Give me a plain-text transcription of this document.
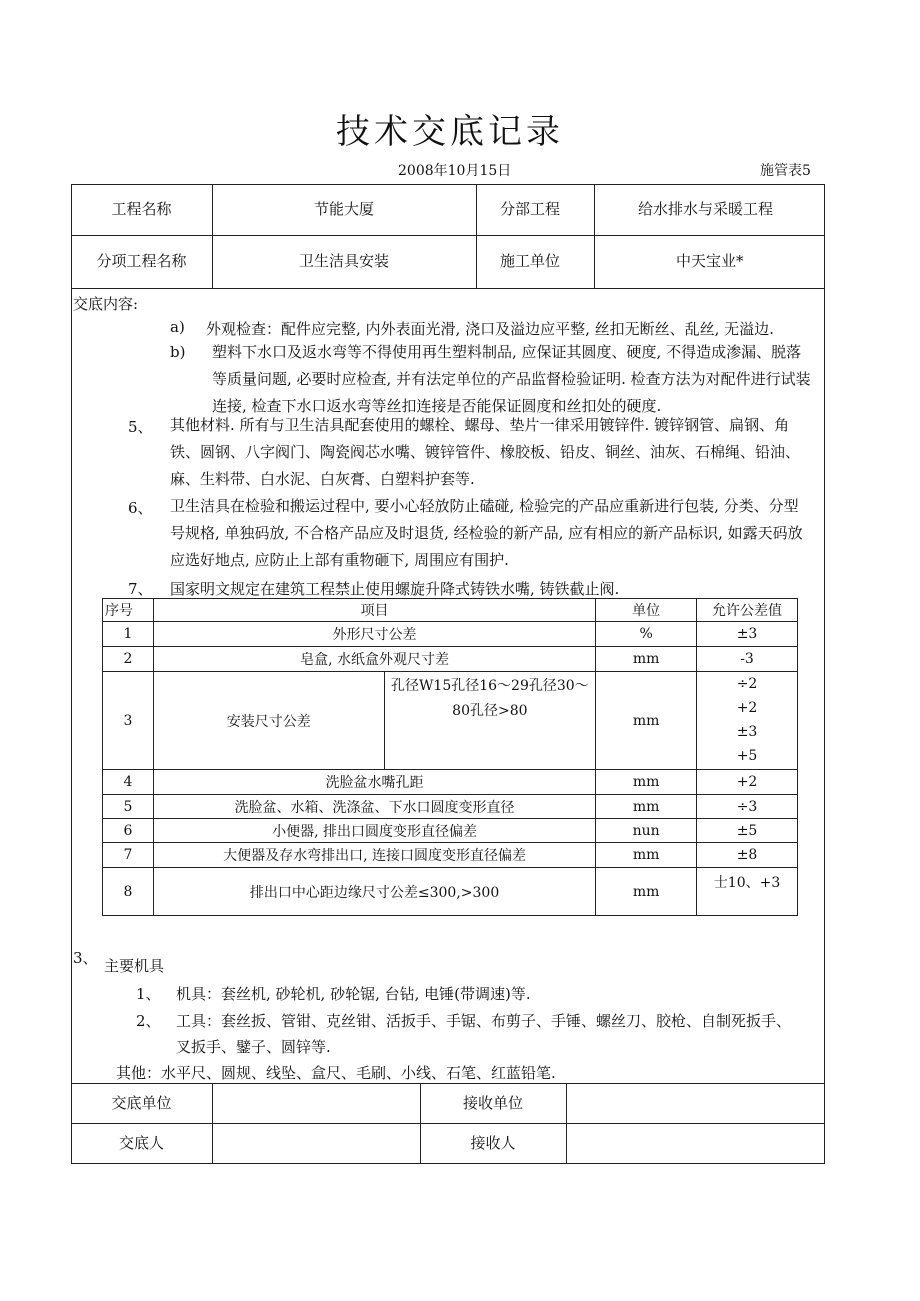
技术交底记录
2008年10月15日	施管表5
工程名称	节能大厦	分部工程	给水排水与采暖工程
分项工程名称	卫生洁具安装	施工单位	中天宝业*
交底内容:
a) 外观检查：配件应完整, 内外表面光滑, 浇口及溢边应平整, 丝扣无断丝、乱丝, 无溢边.
b) 塑料下水口及返水弯等不得使用再生塑料制品, 应保证其圆度、硬度, 不得造成渗漏、脱落
等质量问题, 必要时应检查, 并有法定单位的产品监督检验证明. 检查方法为对配件进行试装
连接, 检查下水口返水弯等丝扣连接是否能保证圆度和丝扣处的硬度.
5、 其他材料. 所有与卫生洁具配套使用的螺栓、螺母、垫片一律采用镀锌件. 镀锌钢管、扁钢、角
铁、圆钢、八字阀门、陶瓷阀芯水嘴、镀锌管件、橡胶板、铅皮、铜丝、油灰、石棉绳、铅油、
麻、生料带、白水泥、白灰膏、白塑料护套等.
6、 卫生洁具在检验和搬运过程中, 要小心轻放防止磕碰, 检验完的产品应重新进行包装, 分类、分型
号规格, 单独码放, 不合格产品应及时退货, 经检验的新产品, 应有相应的新产品标识, 如露天码放
应选好地点, 应防止上部有重物砸下, 周围应有围护.
7、 国家明文规定在建筑工程禁止使用螺旋升降式铸铁水嘴, 铸铁截止阀.
序号	项目		单位	允许公差值
1	外形尺寸公差		%	±3
2	皂盒, 水纸盒外观尺寸差		mm	-3
3	安装尺寸公差	孔径W15孔径16～29孔径30～80孔径>80	mm	÷2
+2
±3
+5

4	洗脸盆水嘴孔距		mm	+2
5	洗脸盆、水箱、洗涤盆、下水口圆度变形直径		mm	÷3
6	小便器, 排出口圆度变形直径偏差		nun	±5
7	大便器及存水弯排出口, 连接口圆度变形直径偏差		mm	±8
8	排出口中心距边缘尺寸公差≤300,>300		mm	士10、+3
3、 主要机具
1、 机具：套丝机, 砂轮机, 砂轮锯, 台钻, 电锤(带调速)等.
2、 工具：套丝扳、管钳、克丝钳、活扳手、手锯、布剪子、手锤、螺丝刀、胶枪、自制死扳手、
叉扳手、鐾子、圆锌等.
其他：水平尺、圆规、线坠、盒尺、毛刷、小线、石笔、红蓝铅笔.
交底单位	接收单位
交底人	接收人
